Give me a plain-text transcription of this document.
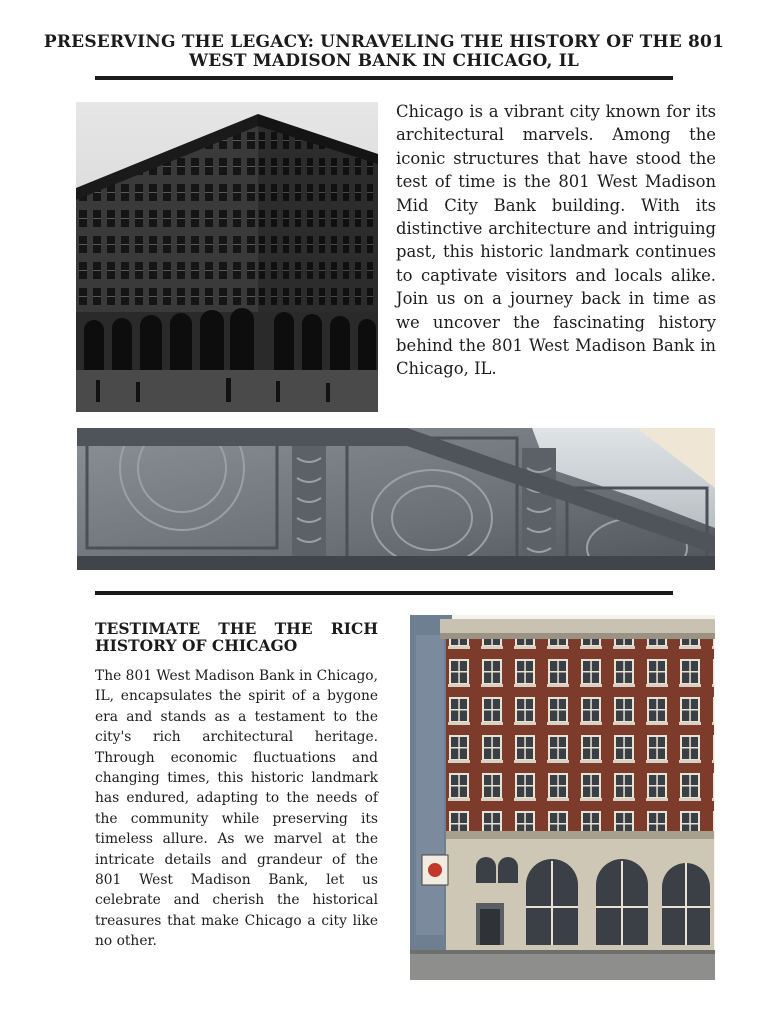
PRESERVING THE LEGACY: UNRAVELING THE HISTORY OF THE 801 WEST MADISON BANK IN CHICAGO, IL

Chicago is a vibrant city known for its architectural marvels. Among the iconic structures that have stood the test of time is the 801 West Madison Mid City Bank building. With its distinctive architecture and intriguing past, this historic landmark continues to captivate visitors and locals alike. Join us on a journey back in time as we uncover the fascinating history behind the 801 West Madison Bank in Chicago, IL.

TESTIMATE THE THE RICH HISTORY OF CHICAGO

The 801 West Madison Bank in Chicago, IL, encapsulates the spirit of a bygone era and stands as a testament to the city's rich architectural heritage. Through economic fluctuations and changing times, this historic landmark has endured, adapting to the needs of the community while preserving its timeless allure. As we marvel at the intricate details and grandeur of the 801 West Madison Bank, let us celebrate and cherish the historical treasures that make Chicago a city like no other.
